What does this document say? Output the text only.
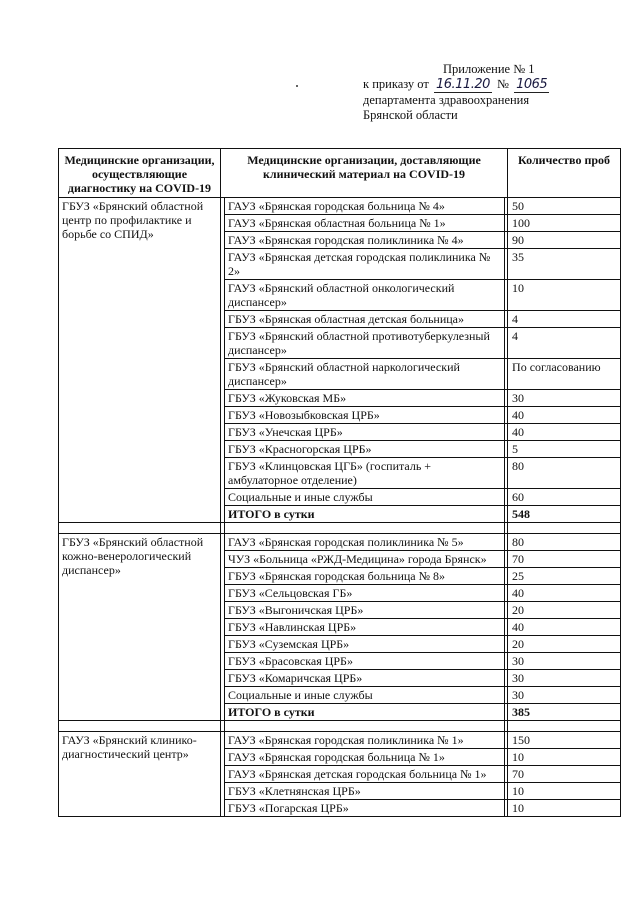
Приложение № 1
к приказу от 16.11.20 № 1065
департамента здравоохранения
Брянской области
Медицинские организации, осуществляющие диагностику на COVID-19	Медицинские организации, доставляющие клинический материал на COVID-19			Количество проб
ГБУЗ «Брянский областной центр по профилактике и борьбе со СПИД»		ГАУЗ «Брянская городская больница № 4»		50
		ГАУЗ «Брянская областная больница № 1»		100
		ГАУЗ «Брянская городская поликлиника № 4»		90
		ГАУЗ «Брянская детская городская поликлиника № 2»		35
		ГАУЗ «Брянский областной онкологический диспансер»		10
		ГБУЗ «Брянская областная детская больница»		4
		ГБУЗ «Брянский областной противотуберкулезный диспансер»		4
		ГБУЗ «Брянский областной наркологический диспансер»		По согласованию
		ГБУЗ «Жуковская МБ»		30
		ГБУЗ «Новозыбковская ЦРБ»		40
		ГБУЗ «Унечская ЦРБ»		40
		ГБУЗ «Красногорская ЦРБ»		5
		ГБУЗ «Клинцовская ЦГБ» (госпиталь + амбулаторное отделение)		80
		Социальные и иные службы		60
		ИТОГО в сутки		548

ГБУЗ «Брянский областной кожно-венерологический диспансер»		ГАУЗ «Брянская городская поликлиника № 5»		80
		ЧУЗ «Больница «РЖД-Медицина» города Брянск»		70
		ГБУЗ «Брянская городская больница № 8»		25
		ГБУЗ «Сельцовская ГБ»		40
		ГБУЗ «Выгоничская ЦРБ»		20
		ГБУЗ «Навлинская ЦРБ»		40
		ГБУЗ «Суземская ЦРБ»		20
		ГБУЗ «Брасовская ЦРБ»		30
		ГБУЗ «Комаричская ЦРБ»		30
		Социальные и иные службы		30
		ИТОГО в сутки		385

ГАУЗ «Брянский клинико-диагностический центр»		ГАУЗ «Брянская городская поликлиника № 1»		150
		ГАУЗ «Брянская городская больница № 1»		10
		ГАУЗ «Брянская детская городская больница № 1»		70
		ГБУЗ «Клетнянская ЦРБ»		10
		ГБУЗ «Погарская ЦРБ»		10
